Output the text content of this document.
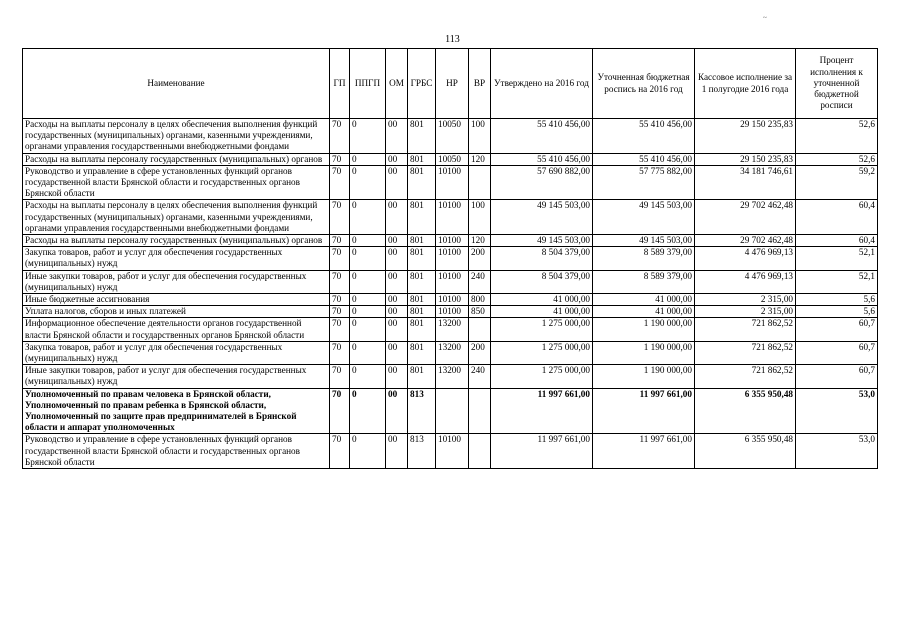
113
~
Наименование	ГП	ППГП	ОМ	ГРБС	НР	ВР	Утверждено на 2016 год	Уточненная бюджетная роспись на 2016 год	Кассовое исполнение за 1 полугодие 2016 года	Процент исполнения к уточненной бюджетной росписи
Расходы на выплаты персоналу в целях обеспечения выполнения функций государственных (муниципальных) органами, казенными учреждениями, органами управления государственными внебюджетными фондами	70	0	00	801	10050	100	55 410 456,00	55 410 456,00	29 150 235,83	52,6
Расходы на выплаты персоналу государственных (муниципальных) органов	70	0	00	801	10050	120	55 410 456,00	55 410 456,00	29 150 235,83	52,6
Руководство и управление в сфере установленных функций органов государственной власти Брянской области и государственных органов Брянской области	70	0	00	801	10100		57 690 882,00	57 775 882,00	34 181 746,61	59,2
Расходы на выплаты персоналу в целях обеспечения выполнения функций государственных (муниципальных) органами, казенными учреждениями, органами управления государственными внебюджетными фондами	70	0	00	801	10100	100	49 145 503,00	49 145 503,00	29 702 462,48	60,4
Расходы на выплаты персоналу государственных (муниципальных) органов	70	0	00	801	10100	120	49 145 503,00	49 145 503,00	29 702 462,48	60,4
Закупка товаров, работ и услуг для обеспечения государственных (муниципальных) нужд	70	0	00	801	10100	200	8 504 379,00	8 589 379,00	4 476 969,13	52,1
Иные закупки товаров, работ и услуг для обеспечения государственных (муниципальных) нужд	70	0	00	801	10100	240	8 504 379,00	8 589 379,00	4 476 969,13	52,1
Иные бюджетные ассигнования	70	0	00	801	10100	800	41 000,00	41 000,00	2 315,00	5,6
Уплата налогов, сборов и иных платежей	70	0	00	801	10100	850	41 000,00	41 000,00	2 315,00	5,6
Информационное обеспечение деятельности органов государственной власти Брянской области и государственных органов Брянской области	70	0	00	801	13200		1 275 000,00	1 190 000,00	721 862,52	60,7
Закупка товаров, работ и услуг для обеспечения государственных (муниципальных) нужд	70	0	00	801	13200	200	1 275 000,00	1 190 000,00	721 862,52	60,7
Иные закупки товаров, работ и услуг для обеспечения государственных (муниципальных) нужд	70	0	00	801	13200	240	1 275 000,00	1 190 000,00	721 862,52	60,7
Уполномоченный по правам человека в Брянской области, Уполномоченный по правам ребенка в Брянской области, Уполномоченный по защите прав предпринимателей в Брянской области и аппарат уполномоченных	70	0	00	813			11 997 661,00	11 997 661,00	6 355 950,48	53,0
Руководство и управление в сфере установленных функций органов государственной власти Брянской области и государственных органов Брянской области	70	0	00	813	10100		11 997 661,00	11 997 661,00	6 355 950,48	53,0
